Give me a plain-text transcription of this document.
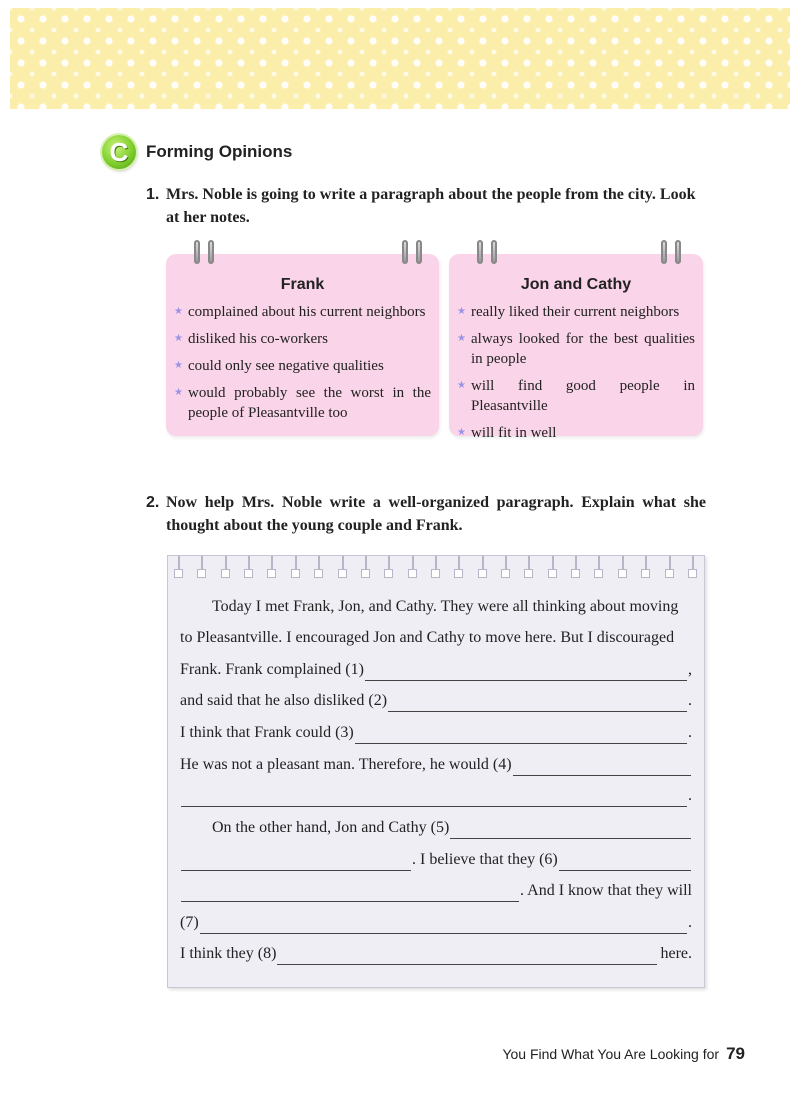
C	Forming Opinions
1. Mrs. Noble is going to write a paragraph about the people from the city. Look at her notes.
Frank
★ complained about his current neighbors
★ disliked his co-workers
★ could only see negative qualities
★ would probably see the worst in the people of Pleasantville too
Jon and Cathy
★ really liked their current neighbors
★ always looked for the best qualities in people
★ will find good people in Pleasantville
★ will fit in well
2. Now help Mrs. Noble write a well-organized paragraph. Explain what she thought about the young couple and Frank.
Today I met Frank, Jon, and Cathy. They were all thinking about moving
to Pleasantville. I encouraged Jon and Cathy to move here. But I discouraged
Frank. Frank complained (1)	,
and said that he also disliked (2)	.
I think that Frank could (3)	.
He was not a pleasant man. Therefore, he would (4)
.
On the other hand, Jon and Cathy (5)
. I believe that they (6)
. And I know that they will
(7)	.
I think they (8)	here.
You Find What You Are Looking for 79
